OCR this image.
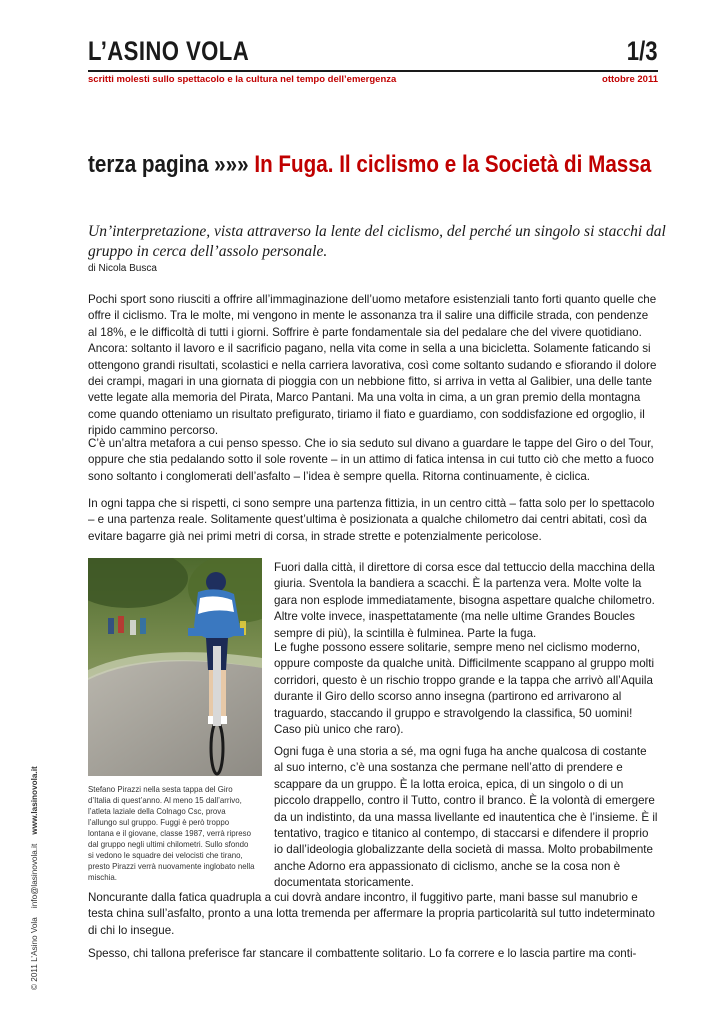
L’ASINO VOLA	1/3
scritti molesti sullo spettacolo e la cultura nel tempo dell’emergenza	ottobre 2011
terza pagina »»» In Fuga. Il ciclismo e la Società di Massa
Un’interpretazione, vista attraverso la lente del ciclismo, del perché un singolo si stacchi dal gruppo in cerca dell’assolo personale.
di Nicola Busca

Pochi sport sono riusciti a offrire all’immaginazione dell’uomo metafore esistenziali tanto forti quanto quelle che offre il ciclismo. Tra le molte, mi vengono in mente le assonanza tra il salire una difficile strada, con pendenze al 18%, e le difficoltà di tutti i giorni. Soffrire è parte fondamentale sia del pedalare che del vivere quotidiano. Ancora: soltanto il lavoro e il sacrificio pagano, nella vita come in sella a una bicicletta. Solamente faticando si ottengono grandi risultati, scolastici e nella carriera lavorativa, così come soltanto sudando e sfiorando il dolore dei crampi, magari in una giornata di pioggia con un nebbione fitto, si arriva in vetta al Galibier, una delle tante vette legate alla memoria del Pirata, Marco Pantani. Ma una volta in cima, a un gran premio della montagna come quando otteniamo un risultato prefigurato, tiriamo il fiato e guardiamo, con soddisfazione ed orgoglio, il ripido cammino percorso.

C’è un’altra metafora a cui penso spesso. Che io sia seduto sul divano a guardare le tappe del Giro o del Tour, oppure che stia pedalando sotto il sole rovente – in un attimo di fatica intensa in cui tutto ciò che metto a fuoco sono soltanto i conglomerati dell’asfalto – l’idea è sempre quella. Ritorna continuamente, è ciclica.

In ogni tappa che si rispetti, ci sono sempre una partenza fittizia, in un centro città – fatta solo per lo spettacolo – e una partenza reale. Solitamente quest’ultima è posizionata a qualche chilometro dai centri abitati, così da evitare bagarre già nei primi metri di corsa, in strade strette e potenzialmente pericolose.

Stefano Pirazzi nella sesta tappa del Giro d’Italia di quest’anno. Al meno 15 dall’arrivo, l’atleta laziale della Colnago Csc, prova l’allungo sul gruppo. Fuggi è però troppo lontana e il giovane, classe 1987, verrà ripreso dal gruppo negli ultimi chilometri. Sullo sfondo si vedono le squadre dei velocisti che tirano, presto Pirazzi verrà nuovamente inglobato nella mischia.

Fuori dalla città, il direttore di corsa esce dal tettuccio della macchina della giuria. Sventola la bandiera a scacchi. È la partenza vera. Molte volte la gara non esplode immediatamente, bisogna aspettare qualche chilometro. Altre volte invece, inaspettatamente (ma nelle ultime Grandes Boucles sempre di più), la scintilla è fulminea. Parte la fuga.

Le fughe possono essere solitarie, sempre meno nel ciclismo moderno, oppure composte da qualche unità. Difficilmente scappano al gruppo molti corridori, questo è un rischio troppo grande e la tappa che arrivò all’Aquila durante il Giro dello scorso anno insegna (partirono ed arrivarono al traguardo, staccando il gruppo e stravolgendo la classifica, 50 uomini! Caso più unico che raro).

Ogni fuga è una storia a sé, ma ogni fuga ha anche qualcosa di costante al suo interno, c’è una sostanza che permane nell’atto di prendere e scappare da un gruppo. È la lotta eroica, epica, di un singolo o di un piccolo drappello, contro il Tutto, contro il branco. È la volontà di emergere da un indistinto, da una massa livellante ed inautentica che è l’insieme. È il tentativo, tragico e titanico al contempo, di staccarsi e difendere il proprio io dall’ideologia globalizzante della società di massa. Molto probabilmente anche Adorno era appassionato di ciclismo, anche se la cosa non è documentata storicamente.

Noncurante dalla fatica quadrupla a cui dovrà andare incontro, il fuggitivo parte, mani basse sul manubrio e testa china sull’asfalto, pronto a una lotta tremenda per affermare la propria particolarità sul tutto indeterminato di chi lo insegue.

Spesso, chi tallona preferisce far stancare il combattente solitario. Lo fa correre e lo lascia partire ma conti-

© 2011 L’Asino Vola    info@lasinovola.it    www.lasinovola.it
